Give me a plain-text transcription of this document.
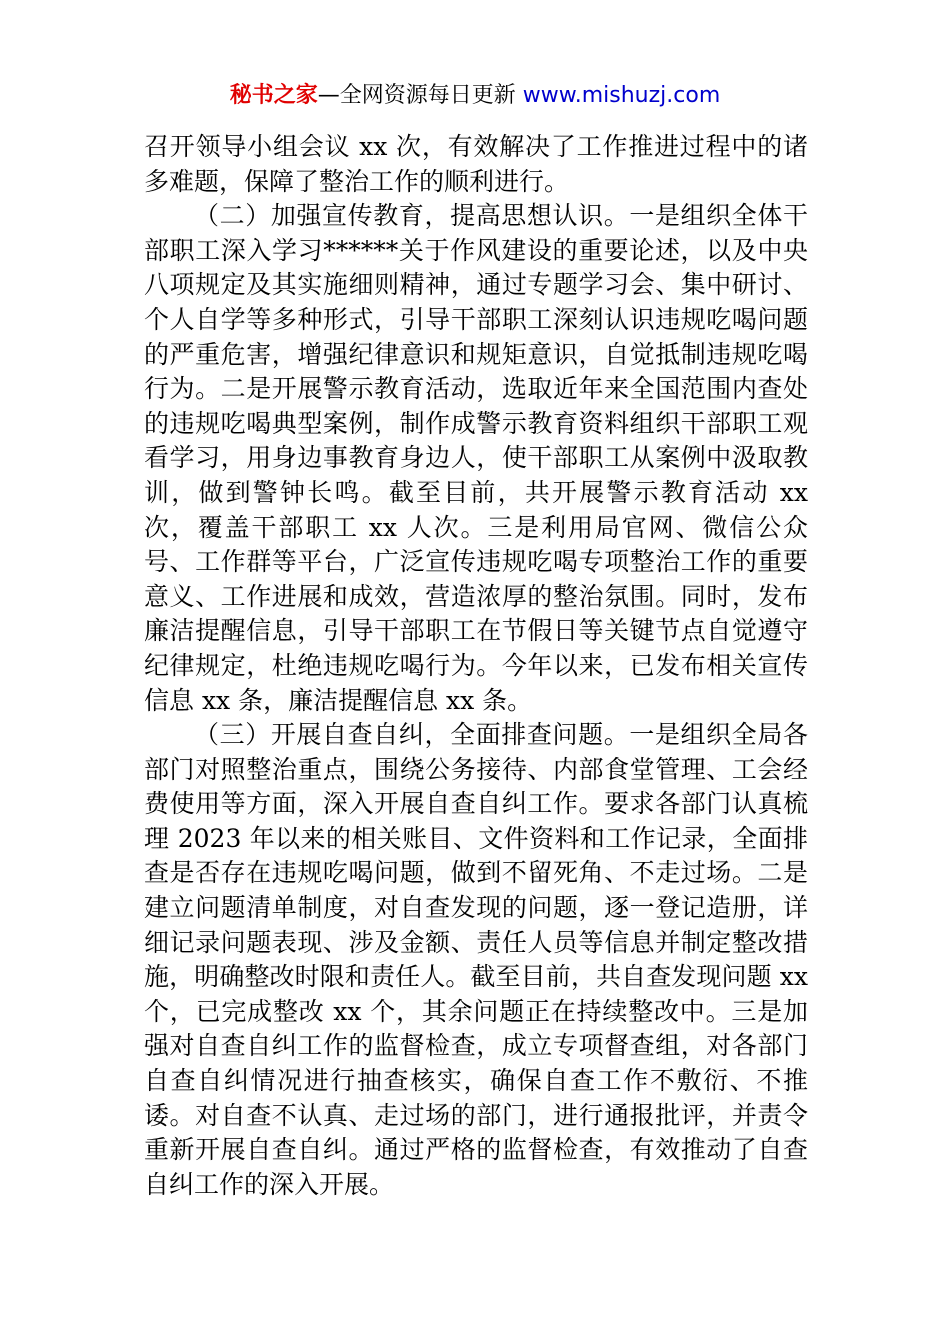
秘书之家—全网资源每日更新 www.mishuzj.com

召开领导小组会议 xx 次，有效解决了工作推进过程中的诸多难题，保障了整治工作的顺利进行。

（二）加强宣传教育，提高思想认识。一是组织全体干部职工深入学习******关于作风建设的重要论述，以及中央八项规定及其实施细则精神，通过专题学习会、集中研讨、个人自学等多种形式，引导干部职工深刻认识违规吃喝问题的严重危害，增强纪律意识和规矩意识，自觉抵制违规吃喝行为。二是开展警示教育活动，选取近年来全国范围内查处的违规吃喝典型案例，制作成警示教育资料组织干部职工观看学习，用身边事教育身边人，使干部职工从案例中汲取教训，做到警钟长鸣。截至目前，共开展警示教育活动 xx 次，覆盖干部职工 xx 人次。三是利用局官网、微信公众号、工作群等平台，广泛宣传违规吃喝专项整治工作的重要意义、工作进展和成效，营造浓厚的整治氛围。同时，发布廉洁提醒信息，引导干部职工在节假日等关键节点自觉遵守纪律规定，杜绝违规吃喝行为。今年以来，已发布相关宣传信息 xx 条，廉洁提醒信息 xx 条。

（三）开展自查自纠，全面排查问题。一是组织全局各部门对照整治重点，围绕公务接待、内部食堂管理、工会经费使用等方面，深入开展自查自纠工作。要求各部门认真梳理 2023 年以来的相关账目、文件资料和工作记录，全面排查是否存在违规吃喝问题，做到不留死角、不走过场。二是建立问题清单制度，对自查发现的问题，逐一登记造册，详细记录问题表现、涉及金额、责任人员等信息并制定整改措施，明确整改时限和责任人。截至目前，共自查发现问题 xx 个，已完成整改 xx 个，其余问题正在持续整改中。三是加强对自查自纠工作的监督检查，成立专项督查组，对各部门自查自纠情况进行抽查核实，确保自查工作不敷衍、不推诿。对自查不认真、走过场的部门，进行通报批评，并责令重新开展自查自纠。通过严格的监督检查，有效推动了自查自纠工作的深入开展。
